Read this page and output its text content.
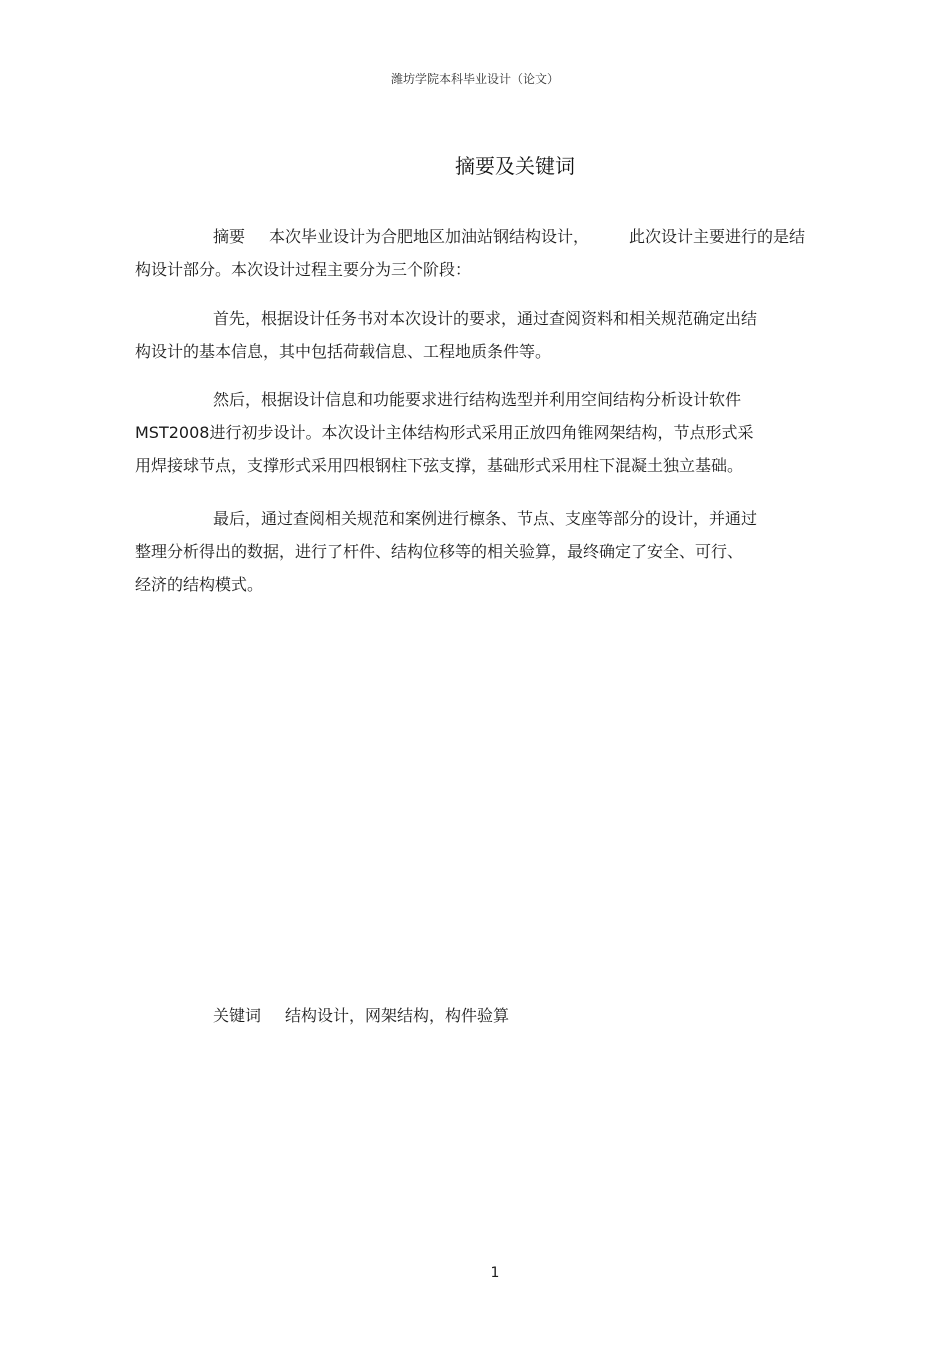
潍坊学院本科毕业设计（论文）
摘要及关键词
摘要 本次毕业设计为合肥地区加油站钢结构设计，	此次设计主要进行的是结
构设计部分。本次设计过程主要分为三个阶段：
首先，根据设计任务书对本次设计的要求，通过查阅资料和相关规范确定出结
构设计的基本信息，其中包括荷载信息、工程地质条件等。
然后，根据设计信息和功能要求进行结构选型并利用空间结构分析设计软件
MST2008进行初步设计。本次设计主体结构形式采用正放四角锥网架结构，节点形式采
用焊接球节点，支撑形式采用四根钢柱下弦支撑，基础形式采用柱下混凝土独立基础。
最后，通过查阅相关规范和案例进行檩条、节点、支座等部分的设计，并通过
整理分析得出的数据，进行了杆件、结构位移等的相关验算，最终确定了安全、可行、
经济的结构模式。
关键词 结构设计，网架结构，构件验算
1
